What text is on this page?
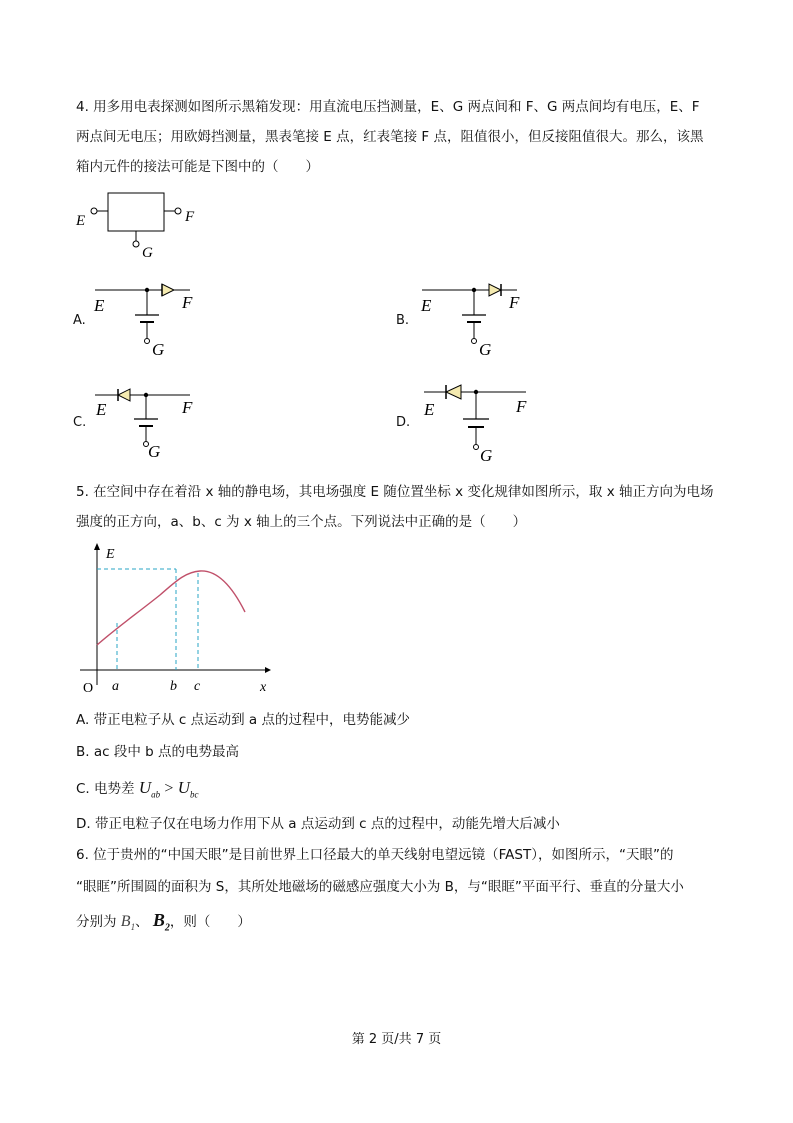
4. 用多用电表探测如图所示黑箱发现：用直流电压挡测量，E、G 两点间和 F、G 两点间均有电压，E、F
两点间无电压；用欧姆挡测量，黑表笔接 E 点，红表笔接 F 点，阻值很小，但反接阻值很大。那么，该黑
箱内元件的接法可能是下图中的（　　）
E	F
G
A.
E	F
G
B.
E	F
G
C.
E	F
G
D.
E	F
G
5. 在空间中存在着沿 x 轴的静电场，其电场强度 E 随位置坐标 x 变化规律如图所示，取 x 轴正方向为电场
强度的正方向，a、b、c 为 x 轴上的三个点。下列说法中正确的是（　　）
E
x
O a	b c
A. 带正电粒子从 c 点运动到 a 点的过程中，电势能减少
B. ac 段中 b 点的电势最高
C. 电势差 $U_{ab} > U_{bc}$
D. 带正电粒子仅在电场力作用下从 a 点运动到 c 点的过程中，动能先增大后减小
6. 位于贵州的“中国天眼”是目前世界上口径最大的单天线射电望远镜（FAST），如图所示，“天眼”的
“眼眶”所围圆的面积为 S，其所处地磁场的磁感应强度大小为 B，与“眼眶”平面平行、垂直的分量大小
分别为 $B_1$、 $B_2$，则（　　）
第 2 页/共 7 页
